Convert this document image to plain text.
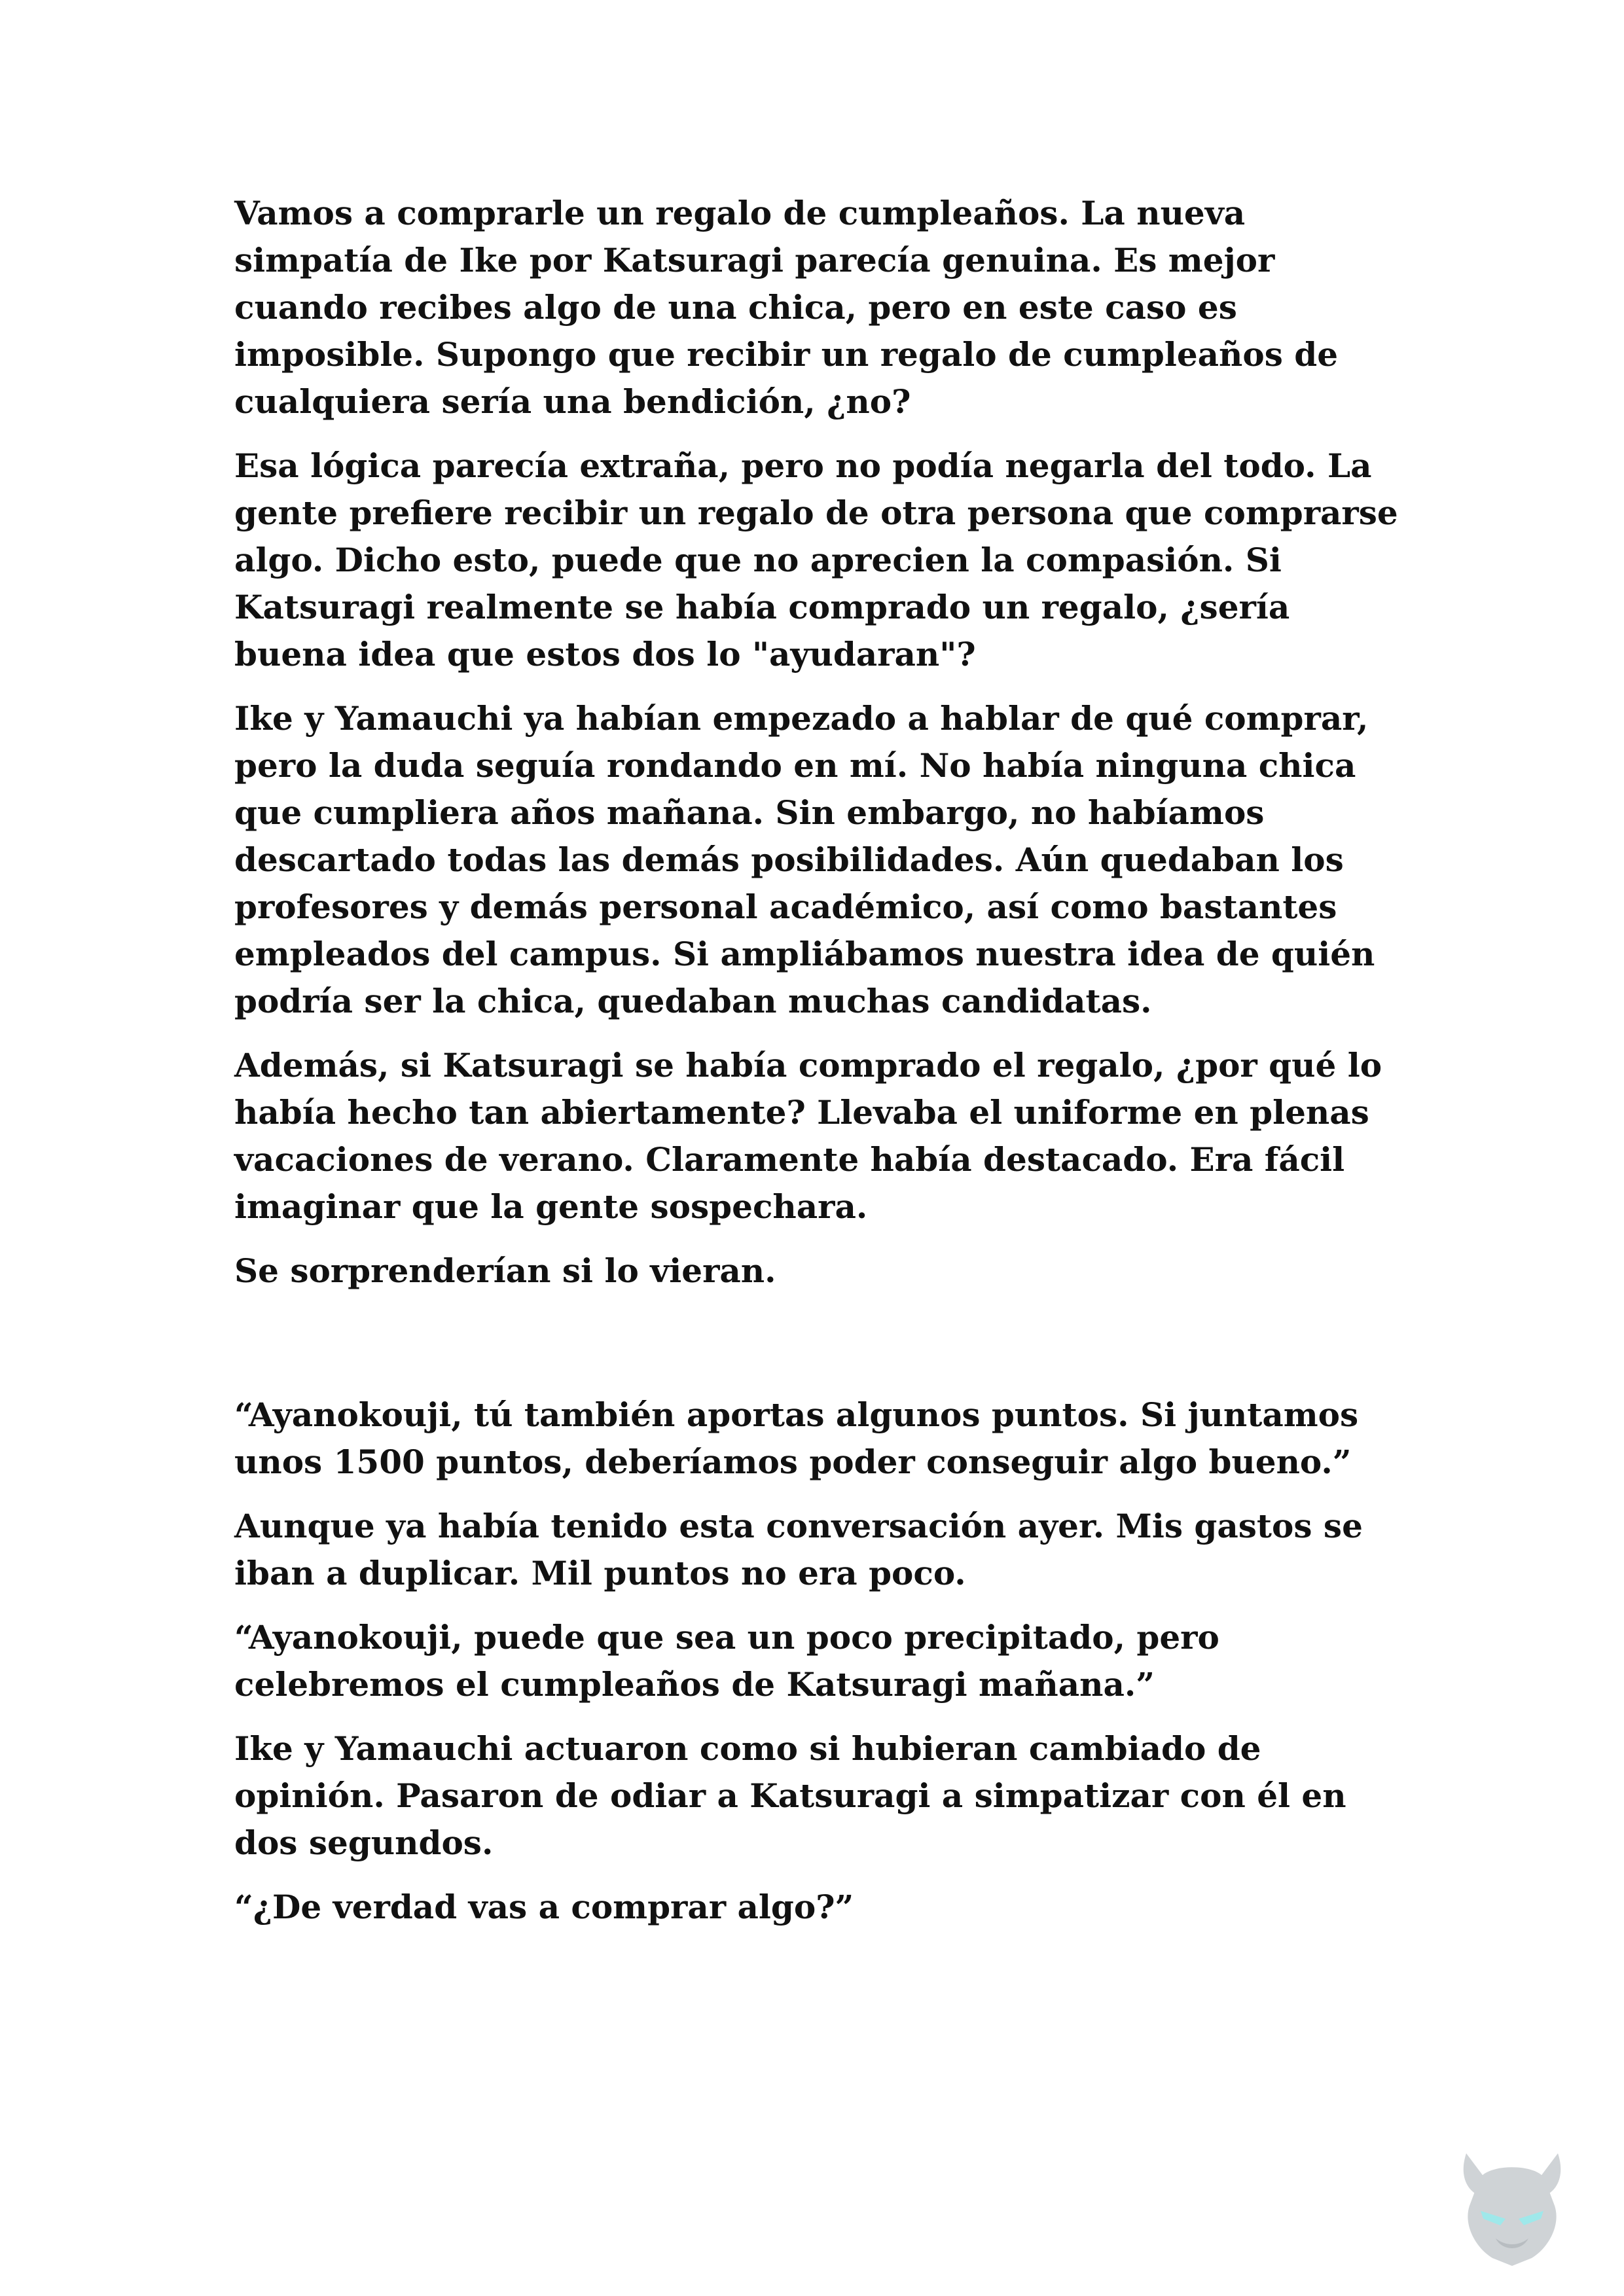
Vamos a comprarle un regalo de cumpleaños. La nueva simpatía de Ike por Katsuragi parecía genuina. Es mejor cuando recibes algo de una chica, pero en este caso es imposible. Supongo que recibir un regalo de cumpleaños de cualquiera sería una bendición, ¿no?

Esa lógica parecía extraña, pero no podía negarla del todo. La gente prefiere recibir un regalo de otra persona que comprarse algo. Dicho esto, puede que no aprecien la compasión. Si Katsuragi realmente se había comprado un regalo, ¿sería buena idea que estos dos lo "ayudaran"?

Ike y Yamauchi ya habían empezado a hablar de qué comprar, pero la duda seguía rondando en mí. No había ninguna chica que cumpliera años mañana. Sin embargo, no habíamos descartado todas las demás posibilidades. Aún quedaban los profesores y demás personal académico, así como bastantes empleados del campus. Si ampliábamos nuestra idea de quién podría ser la chica, quedaban muchas candidatas.

Además, si Katsuragi se había comprado el regalo, ¿por qué lo había hecho tan abiertamente? Llevaba el uniforme en plenas vacaciones de verano. Claramente había destacado. Era fácil imaginar que la gente sospechara.

Se sorprenderían si lo vieran.

“Ayanokouji, tú también aportas algunos puntos. Si juntamos unos 1500 puntos, deberíamos poder conseguir algo bueno.”

Aunque ya había tenido esta conversación ayer. Mis gastos se iban a duplicar. Mil puntos no era poco.

“Ayanokouji, puede que sea un poco precipitado, pero celebremos el cumpleaños de Katsuragi mañana.”

Ike y Yamauchi actuaron como si hubieran cambiado de opinión. Pasaron de odiar a Katsuragi a simpatizar con él en dos segundos.

“¿De verdad vas a comprar algo?”
